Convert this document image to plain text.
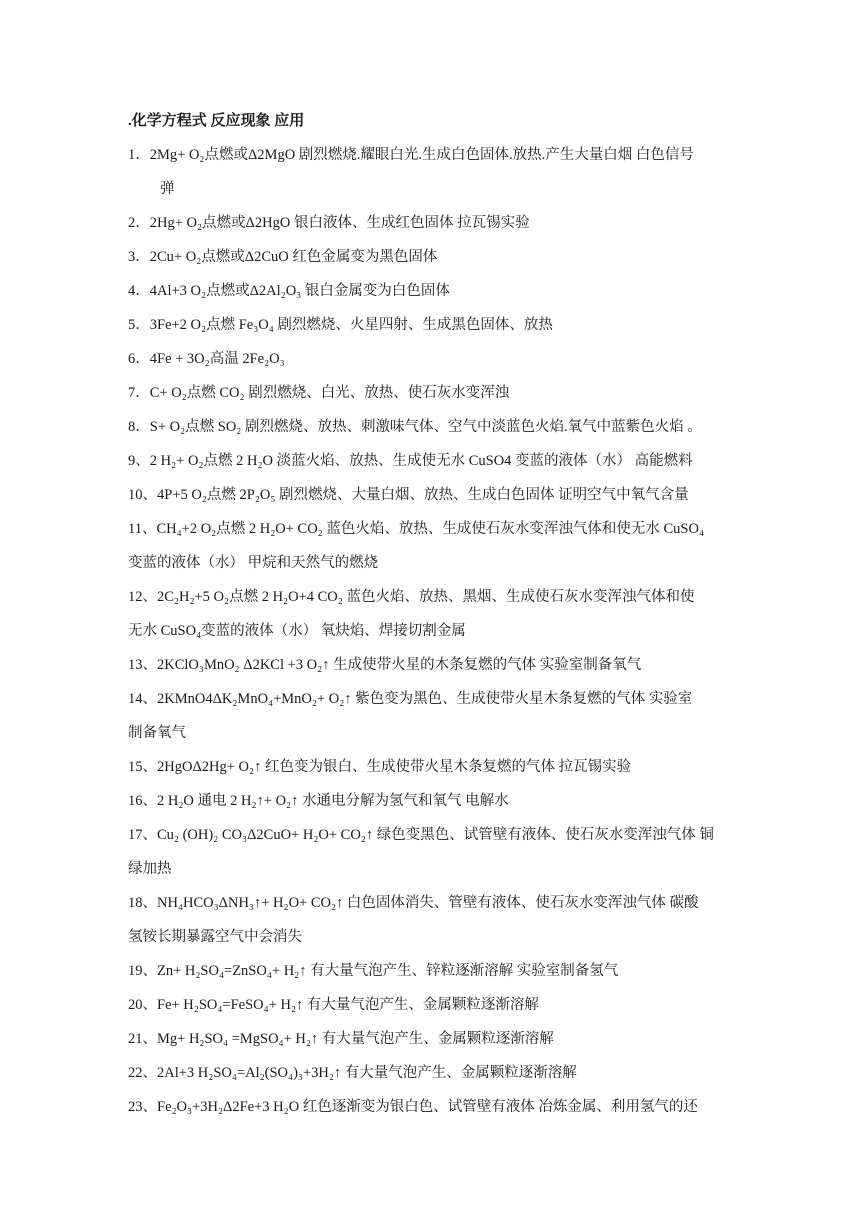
.化学方程式 反应现象 应用
1．2Mg+ O₂点燃或Δ2MgO 剧烈燃烧.耀眼白光.生成白色固体.放热.产生大量白烟 白色信号
弹
2．2Hg+ O₂点燃或Δ2HgO 银白液体、生成红色固体 拉瓦锡实验
3．2Cu+ O₂点燃或Δ2CuO 红色金属变为黑色固体
4．4Al+3 O₂点燃或Δ2Al₂O₃ 银白金属变为白色固体
5．3Fe+2 O₂点燃 Fe₃O₄ 剧烈燃烧、火星四射、生成黑色固体、放热
6．4Fe + 3O₂高温 2Fe₂O₃
7．C+ O₂点燃 CO₂ 剧烈燃烧、白光、放热、使石灰水变浑浊
8．S+ O₂点燃 SO₂ 剧烈燃烧、放热、刺激味气体、空气中淡蓝色火焰.氧气中蓝紫色火焰 。
9、2 H₂+ O₂点燃 2 H₂O 淡蓝火焰、放热、生成使无水 CuSO4 变蓝的液体（水） 高能燃料
10、4P+5 O₂点燃 2P₂O₅ 剧烈燃烧、大量白烟、放热、生成白色固体 证明空气中氧气含量
11、CH₄+2 O₂点燃 2 H₂O+ CO₂ 蓝色火焰、放热、生成使石灰水变浑浊气体和使无水 CuSO₄
变蓝的液体（水） 甲烷和天然气的燃烧
12、2C₂H₂+5 O₂点燃 2 H₂O+4 CO₂ 蓝色火焰、放热、黑烟、生成使石灰水变浑浊气体和使
无水 CuSO₄变蓝的液体（水） 氧炔焰、焊接切割金属
13、2KClO₃MnO₂ Δ2KCl +3 O₂↑ 生成使带火星的木条复燃的气体 实验室制备氧气
14、2KMnO4ΔK₂MnO₄+MnO₂+ O₂↑ 紫色变为黑色、生成使带火星木条复燃的气体 实验室
制备氧气
15、2HgOΔ2Hg+ O₂↑ 红色变为银白、生成使带火星木条复燃的气体 拉瓦锡实验
16、2 H₂O 通电 2 H₂↑+ O₂↑ 水通电分解为氢气和氧气 电解水
17、Cu₂ (OH)₂ CO₃Δ2CuO+ H₂O+ CO₂↑ 绿色变黑色、试管壁有液体、使石灰水变浑浊气体 铜
绿加热
18、NH₄HCO₃ΔNH₃↑+ H₂O+ CO₂↑ 白色固体消失、管壁有液体、使石灰水变浑浊气体 碳酸
氢铵长期暴露空气中会消失
19、Zn+ H₂SO₄=ZnSO₄+ H₂↑ 有大量气泡产生、锌粒逐渐溶解 实验室制备氢气
20、Fe+ H₂SO₄=FeSO₄+ H₂↑ 有大量气泡产生、金属颗粒逐渐溶解
21、Mg+ H₂SO₄ =MgSO₄+ H₂↑ 有大量气泡产生、金属颗粒逐渐溶解
22、2Al+3 H₂SO₄=Al₂(SO₄)₃+3H₂↑ 有大量气泡产生、金属颗粒逐渐溶解
23、Fe₂O₃+3H₂Δ2Fe+3 H₂O 红色逐渐变为银白色、试管壁有液体 冶炼金属、利用氢气的还
